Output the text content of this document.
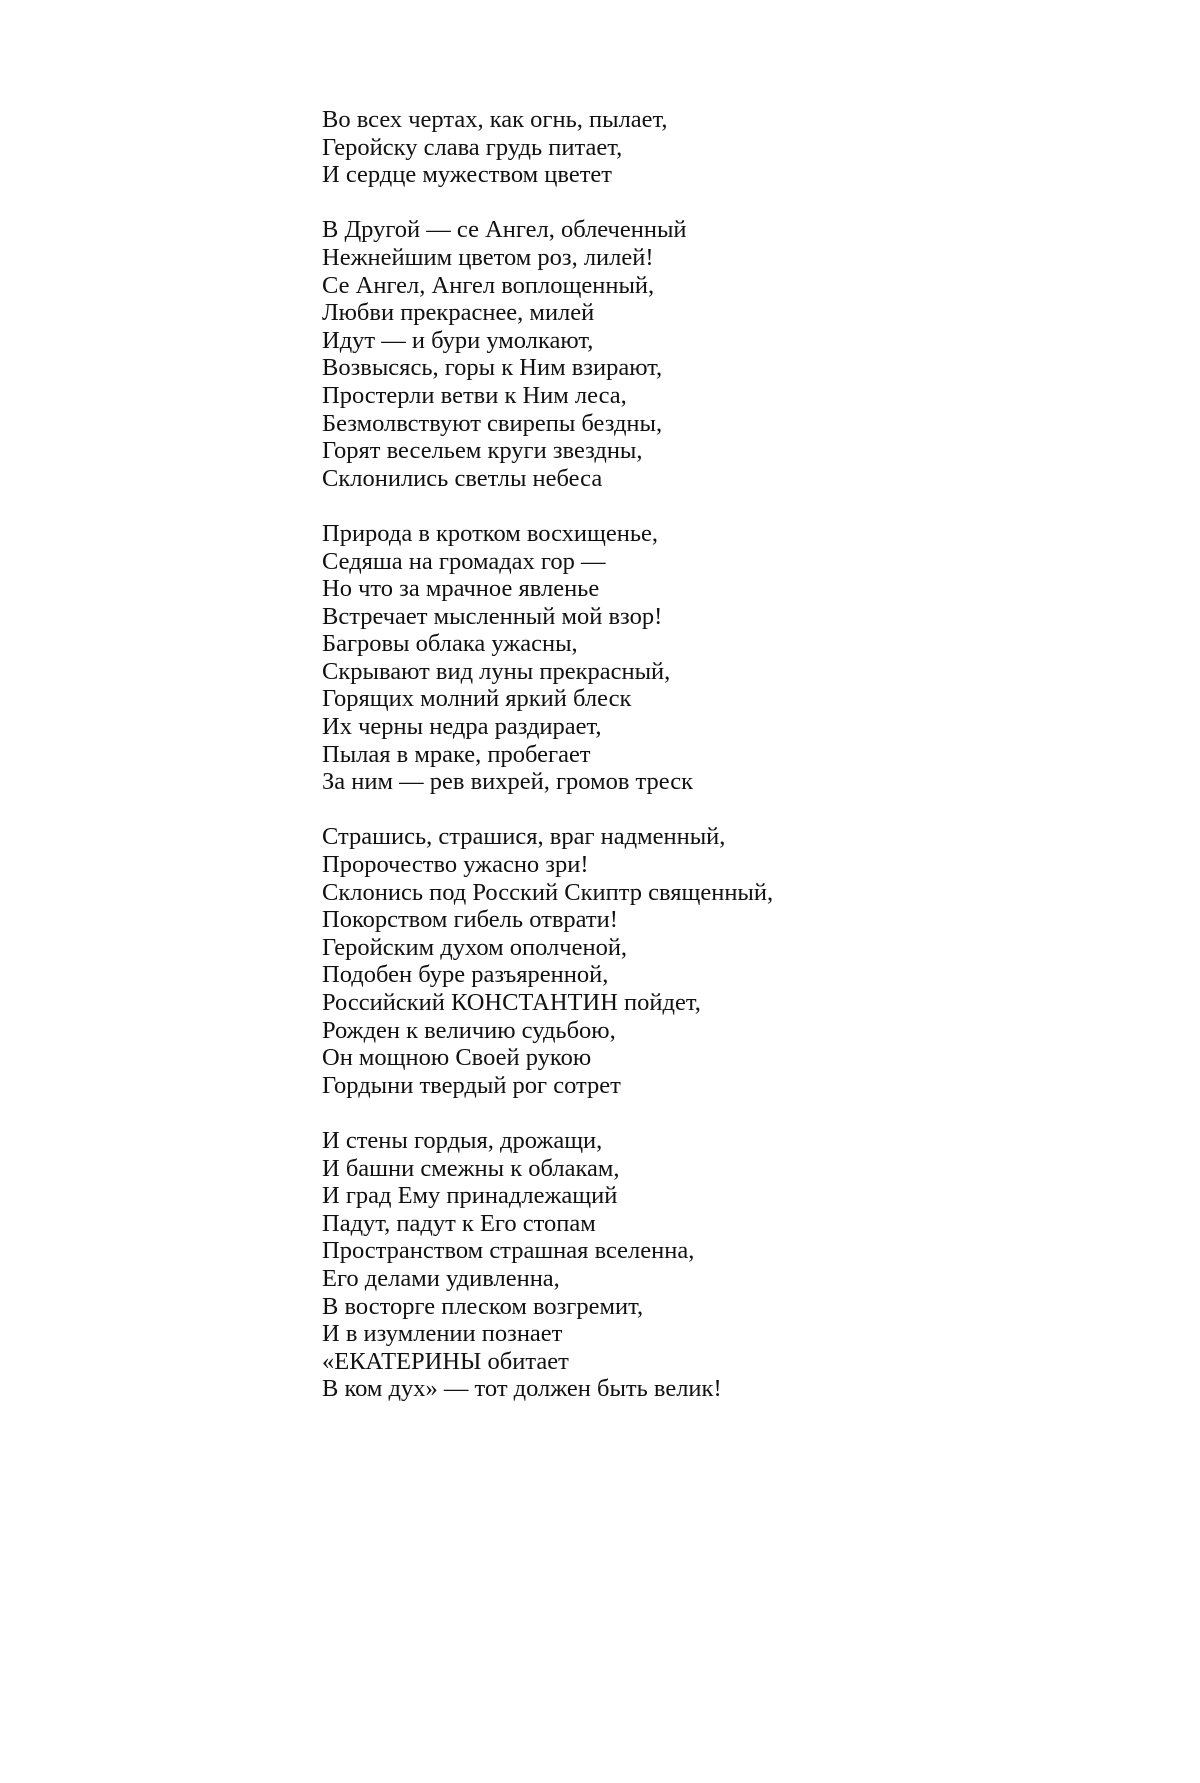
Во всех чертах, как огнь, пылает,
Геройску слава грудь питает,
И сердце мужеством цветет
В Другой — се Ангел, облеченный
Нежнейшим цветом роз, лилей!
Се Ангел, Ангел воплощенный,
Любви прекраснее, милей
Идут — и бури умолкают,
Возвысясь, горы к Ним взирают,
Простерли ветви к Ним леса,
Безмолвствуют свирепы бездны,
Горят весельем круги звездны,
Склонились светлы небеса
Природа в кротком восхищенье,
Седяша на громадах гор —
Но что за мрачное явленье
Встречает мысленный мой взор!
Багровы облака ужасны,
Скрывают вид луны прекрасный,
Горящих молний яркий блеск
Их черны недра раздирает,
Пылая в мраке, пробегает
За ним — рев вихрей, громов треск
Страшись, страшися, враг надменный,
Пророчество ужасно зри!
Склонись под Росский Скиптр священный,
Покорством гибель отврати!
Геройским духом ополченой,
Подобен буре разъяренной,
Российский КОНСТАНТИН пойдет,
Рожден к величию судьбою,
Он мощною Своей рукою
Гордыни твердый рог сотрет
И стены гордыя, дрожащи,
И башни смежны к облакам,
И град Ему принадлежащий
Падут, падут к Его стопам
Пространством страшная вселенна,
Его делами удивленна,
В восторге плеском возгремит,
И в изумлении познает
«ЕКАТЕРИНЫ обитает
В ком дух» — тот должен быть велик!
